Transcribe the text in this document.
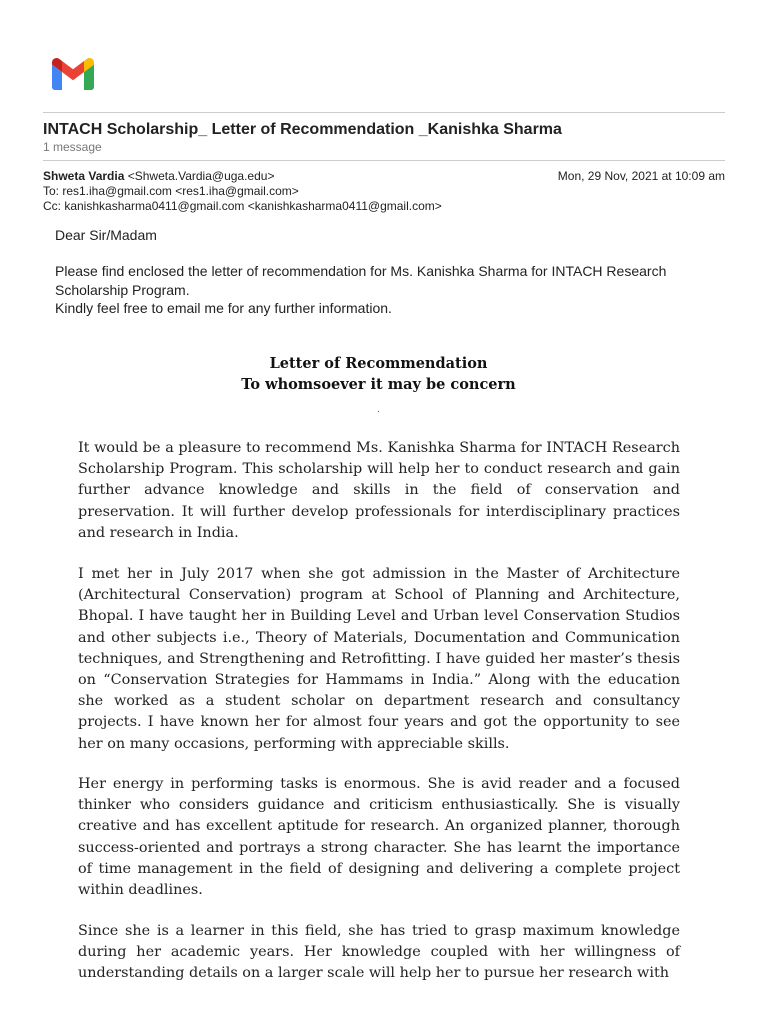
INTACH Scholarship_ Letter of Recommendation _Kanishka Sharma
1 message
Shweta Vardia <Shweta.Vardia@uga.edu>	Mon, 29 Nov, 2021 at 10:09 am
To: res1.iha@gmail.com <res1.iha@gmail.com>
Cc: kanishkasharma0411@gmail.com <kanishkasharma0411@gmail.com>
Dear Sir/Madam
Please find enclosed the letter of recommendation for Ms. Kanishka Sharma for INTACH Research Scholarship Program.
Kindly feel free to email me for any further information.
Letter of Recommendation
To whomsoever it may be concern
.

It would be a pleasure to recommend Ms. Kanishka Sharma for INTACH Research Scholarship Program. This scholarship will help her to conduct research and gain further advance knowledge and skills in the field of conservation and preservation. It will further develop professionals for interdisciplinary practices and research in India.

I met her in July 2017 when she got admission in the Master of Architecture (Architectural Conservation) program at School of Planning and Architecture, Bhopal. I have taught her in Building Level and Urban level Conservation Studios and other subjects i.e., Theory of Materials, Documentation and Communication techniques, and Strengthening and Retrofitting. I have guided her master’s thesis on “Conservation Strategies for Hammams in India.” Along with the education she worked as a student scholar on department research and consultancy projects. I have known her for almost four years and got the opportunity to see her on many occasions, performing with appreciable skills.

Her energy in performing tasks is enormous. She is avid reader and a focused thinker who considers guidance and criticism enthusiastically. She is visually creative and has excellent aptitude for research. An organized planner, thorough success-oriented and portrays a strong character. She has learnt the importance of time management in the field of designing and delivering a complete project within deadlines.

Since she is a learner in this field, she has tried to grasp maximum knowledge during her academic years. Her knowledge coupled with her willingness of understanding details on a larger scale will help her to pursue her research with
